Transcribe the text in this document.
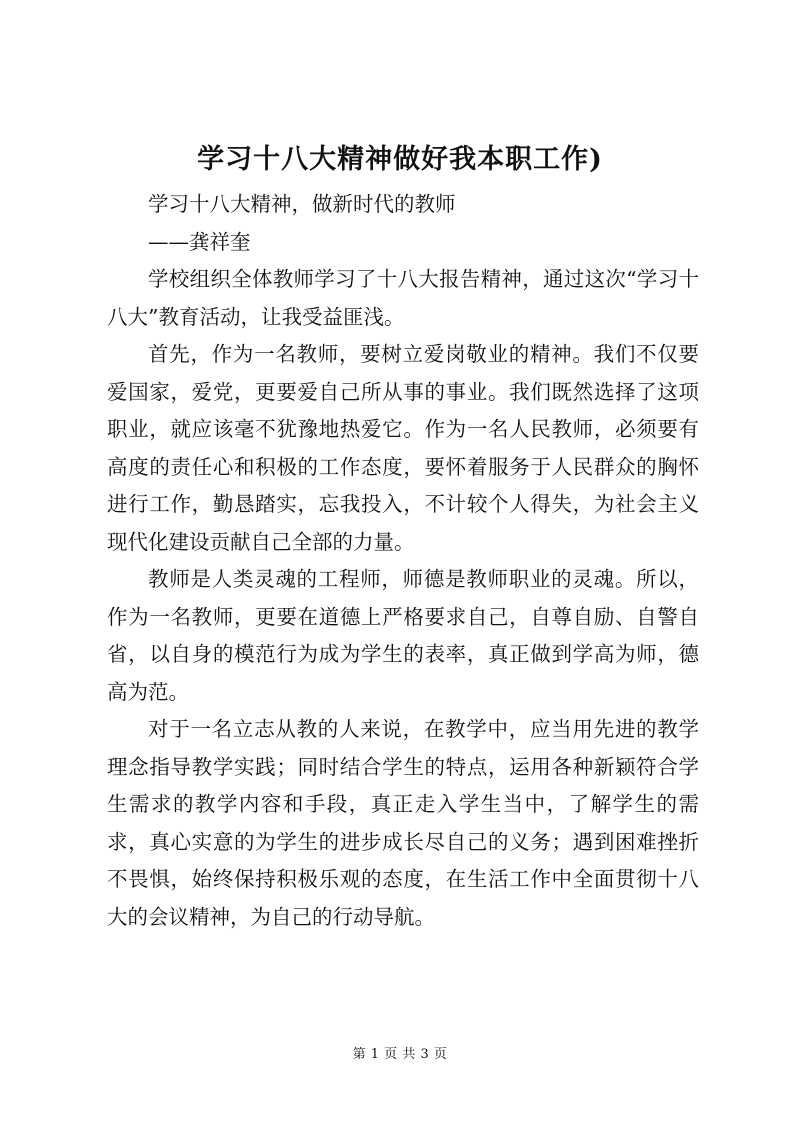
学习十八大精神做好我本职工作)

学习十八大精神，做新时代的教师

——龚祥奎

学校组织全体教师学习了十八大报告精神，通过这次“学习十八大”教育活动，让我受益匪浅。

首先，作为一名教师，要树立爱岗敬业的精神。我们不仅要爱国家，爱党，更要爱自己所从事的事业。我们既然选择了这项职业，就应该毫不犹豫地热爱它。作为一名人民教师，必须要有高度的责任心和积极的工作态度，要怀着服务于人民群众的胸怀进行工作，勤恳踏实，忘我投入，不计较个人得失，为社会主义现代化建设贡献自己全部的力量。

教师是人类灵魂的工程师，师德是教师职业的灵魂。所以，作为一名教师，更要在道德上严格要求自己，自尊自励、自警自省，以自身的模范行为成为学生的表率，真正做到学高为师，德高为范。

对于一名立志从教的人来说，在教学中，应当用先进的教学理念指导教学实践；同时结合学生的特点，运用各种新颖符合学生需求的教学内容和手段，真正走入学生当中，了解学生的需求，真心实意的为学生的进步成长尽自己的义务；遇到困难挫折不畏惧，始终保持积极乐观的态度，在生活工作中全面贯彻十八大的会议精神，为自己的行动导航。

第 1 页 共 3 页
